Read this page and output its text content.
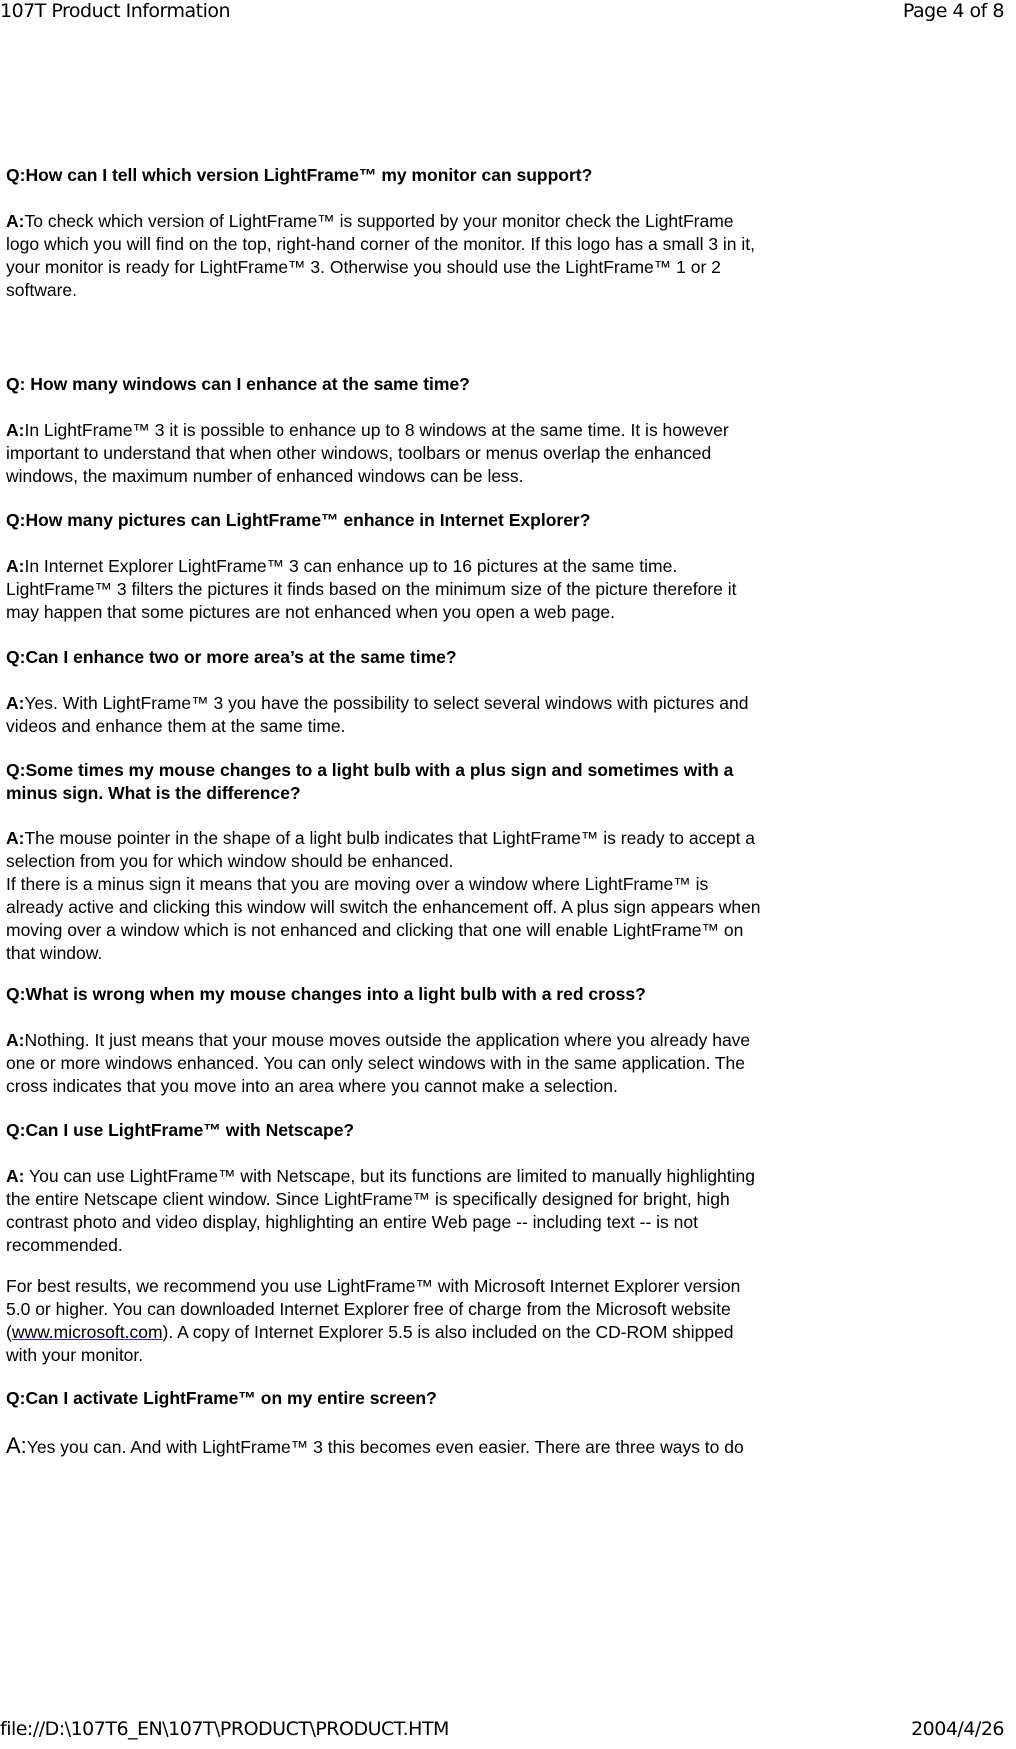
107T Product Information	Page 4 of 8
Q:How can I tell which version LightFrame™ my monitor can support?
A:To check which version of LightFrame™ is supported by your monitor check the LightFrame
logo which you will find on the top, right-hand corner of the monitor. If this logo has a small 3 in it,
your monitor is ready for LightFrame™ 3. Otherwise you should use the LightFrame™ 1 or 2
software.
Q: How many windows can I enhance at the same time?
A:In LightFrame™ 3 it is possible to enhance up to 8 windows at the same time. It is however
important to understand that when other windows, toolbars or menus overlap the enhanced
windows, the maximum number of enhanced windows can be less.
Q:How many pictures can LightFrame™ enhance in Internet Explorer?
A:In Internet Explorer LightFrame™ 3 can enhance up to 16 pictures at the same time.
LightFrame™ 3 filters the pictures it finds based on the minimum size of the picture therefore it
may happen that some pictures are not enhanced when you open a web page.
Q:Can I enhance two or more area’s at the same time?
A:Yes. With LightFrame™ 3 you have the possibility to select several windows with pictures and
videos and enhance them at the same time.
Q:Some times my mouse changes to a light bulb with a plus sign and sometimes with a
minus sign. What is the difference?
A:The mouse pointer in the shape of a light bulb indicates that LightFrame™ is ready to accept a
selection from you for which window should be enhanced.
If there is a minus sign it means that you are moving over a window where LightFrame™ is
already active and clicking this window will switch the enhancement off. A plus sign appears when
moving over a window which is not enhanced and clicking that one will enable LightFrame™ on
that window.
Q:What is wrong when my mouse changes into a light bulb with a red cross?
A:Nothing. It just means that your mouse moves outside the application where you already have
one or more windows enhanced. You can only select windows with in the same application. The
cross indicates that you move into an area where you cannot make a selection.
Q:Can I use LightFrame™ with Netscape?
A: You can use LightFrame™ with Netscape, but its functions are limited to manually highlighting
the entire Netscape client window. Since LightFrame™ is specifically designed for bright, high
contrast photo and video display, highlighting an entire Web page -- including text -- is not
recommended.
For best results, we recommend you use LightFrame™ with Microsoft Internet Explorer version
5.0 or higher. You can downloaded Internet Explorer free of charge from the Microsoft website
(www.microsoft.com). A copy of Internet Explorer 5.5 is also included on the CD-ROM shipped
with your monitor.
Q:Can I activate LightFrame™ on my entire screen?
A:Yes you can. And with LightFrame™ 3 this becomes even easier. There are three ways to do
file://D:\107T6_EN\107T\PRODUCT\PRODUCT.HTM	2004/4/26
